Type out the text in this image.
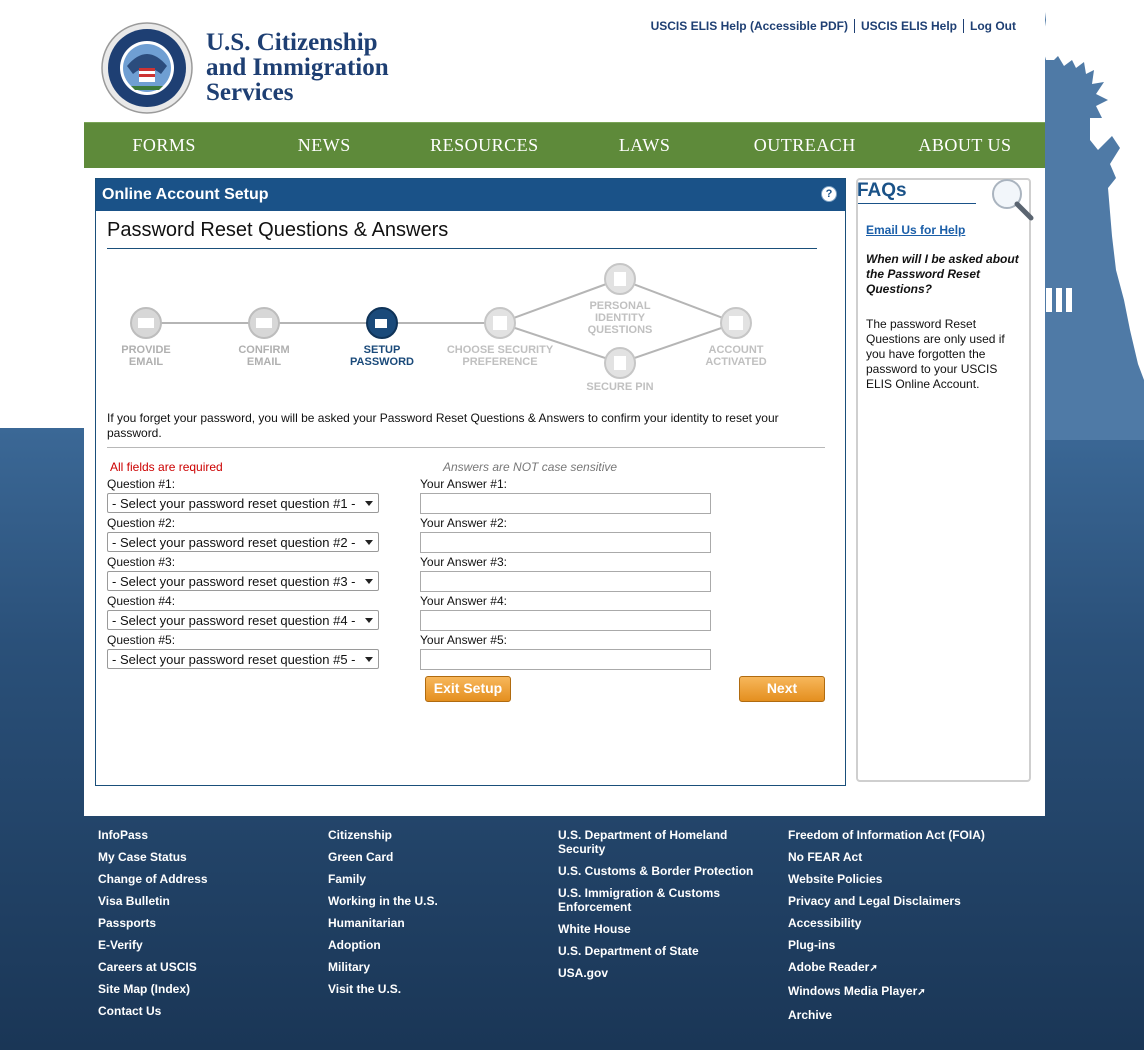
U.S. Citizenship
and Immigration
Services
USCIS ELIS Help (Accessible PDF) USCIS ELIS Help Log Out
FORMS	NEWS	RESOURCES	LAWS	OUTREACH	ABOUT US
Online Account Setup	?
Password Reset Questions & Answers
PROVIDE
EMAIL
CONFIRM
EMAIL
SETUP
PASSWORD
CHOOSE SECURITY
PREFERENCE
PERSONAL
IDENTITY
QUESTIONS
SECURE PIN
ACCOUNT
ACTIVATED
If you forget your password, you will be asked your Password Reset Questions & Answers to confirm your identity to reset your password.
All fields are required	Answers are NOT case sensitive
Question #1:
- Select your password reset question #1 -
Your Answer #1:
Question #2:
- Select your password reset question #2 -
Your Answer #2:
Question #3:
- Select your password reset question #3 -
Your Answer #3:
Question #4:
- Select your password reset question #4 -
Your Answer #4:
Question #5:
- Select your password reset question #5 -
Your Answer #5:
Exit Setup	Next
FAQs
Email Us for Help
When will I be asked about the Password Reset Questions?
The password Reset Questions are only used if you have forgotten the password to your USCIS ELIS Online Account.
InfoPass
My Case Status
Change of Address
Visa Bulletin
Passports
E-Verify
Careers at USCIS
Site Map (Index)
Contact Us
Citizenship
Green Card
Family
Working in the U.S.
Humanitarian
Adoption
Military
Visit the U.S.
U.S. Department of Homeland Security
U.S. Customs & Border Protection
U.S. Immigration & Customs Enforcement
White House
U.S. Department of State
USA.gov
Freedom of Information Act (FOIA)
No FEAR Act
Website Policies
Privacy and Legal Disclaimers
Accessibility
Plug-ins
Adobe Reader➚
Windows Media Player➚
Archive
